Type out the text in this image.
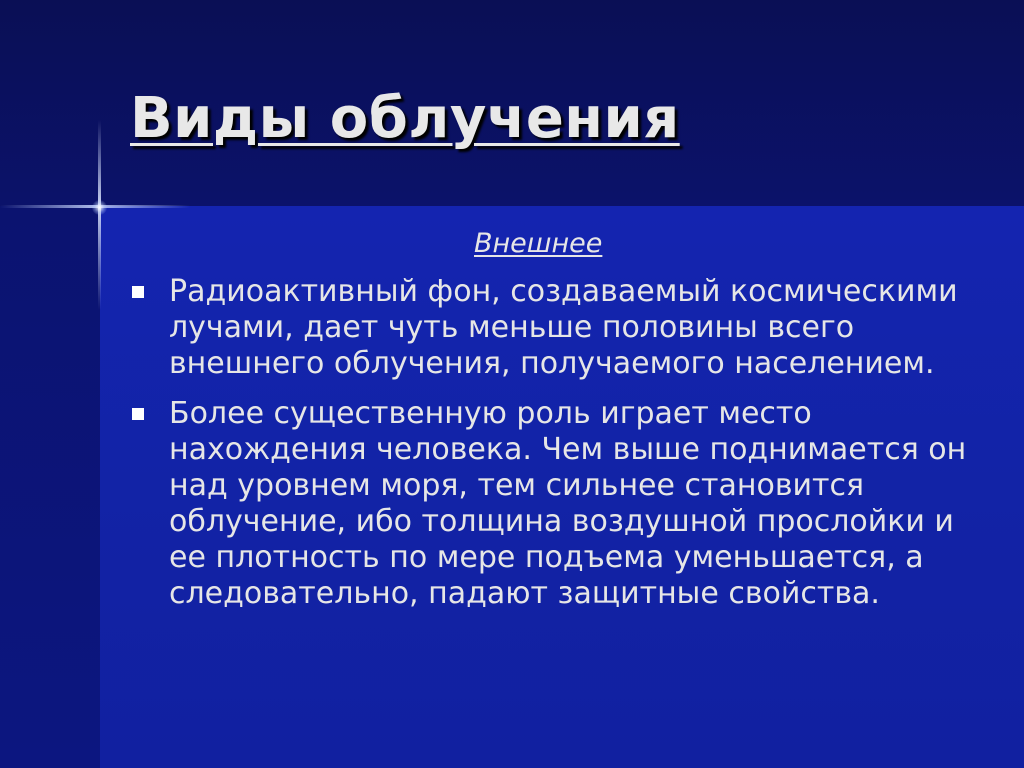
Виды облучения
Внешнее
Радиоактивный фон, создаваемый космическими лучами, дает чуть меньше половины всего внешнего облучения, получаемого населением.
Более существенную роль играет место нахождения человека. Чем выше поднимается он над уровнем моря, тем сильнее становится облучение, ибо толщина воздушной прослойки и ее плотность по мере подъема уменьшается, а следовательно, падают защитные свойства.
